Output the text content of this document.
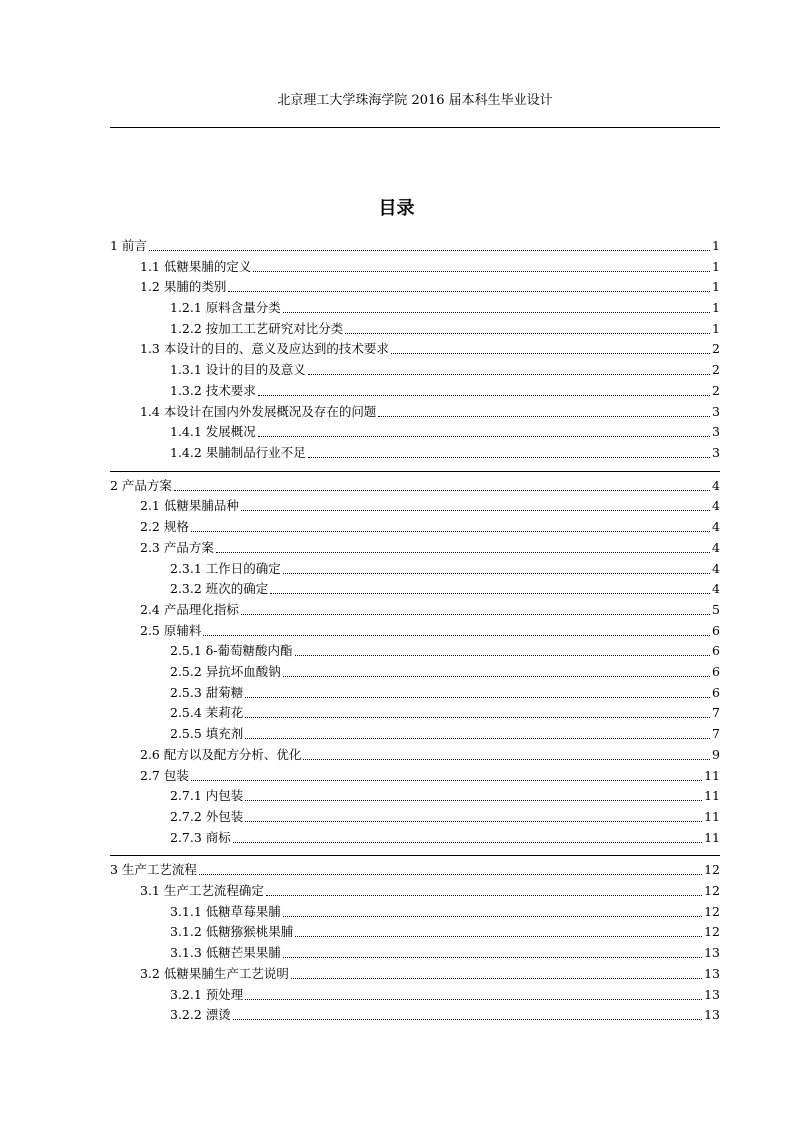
北京理工大学珠海学院 2016 届本科生毕业设计
目录
1 前言	1
1.1 低糖果脯的定义	1
1.2 果脯的类别	1
1.2.1 原料含量分类	1
1.2.2 按加工工艺研究对比分类	1
1.3 本设计的目的、意义及应达到的技术要求	2
1.3.1 设计的目的及意义	2
1.3.2 技术要求	2
1.4 本设计在国内外发展概况及存在的问题	3
1.4.1 发展概况	3
1.4.2 果脯制品行业不足	3
2 产品方案	4
2.1 低糖果脯品种	4
2.2 规格	4
2.3 产品方案	4
2.3.1 工作日的确定	4
2.3.2 班次的确定	4
2.4 产品理化指标	5
2.5 原辅料	6
2.5.1 δ-葡萄糖酸内酯	6
2.5.2 异抗坏血酸钠	6
2.5.3 甜菊糖	6
2.5.4 茉莉花	7
2.5.5 填充剂	7
2.6 配方以及配方分析、优化	9
2.7 包装	11
2.7.1 内包装	11
2.7.2 外包装	11
2.7.3 商标	11
3 生产工艺流程	12
3.1 生产工艺流程确定	12
3.1.1 低糖草莓果脯	12
3.1.2 低糖猕猴桃果脯	12
3.1.3 低糖芒果果脯	13
3.2 低糖果脯生产工艺说明	13
3.2.1 预处理	13
3.2.2 漂烫	13
